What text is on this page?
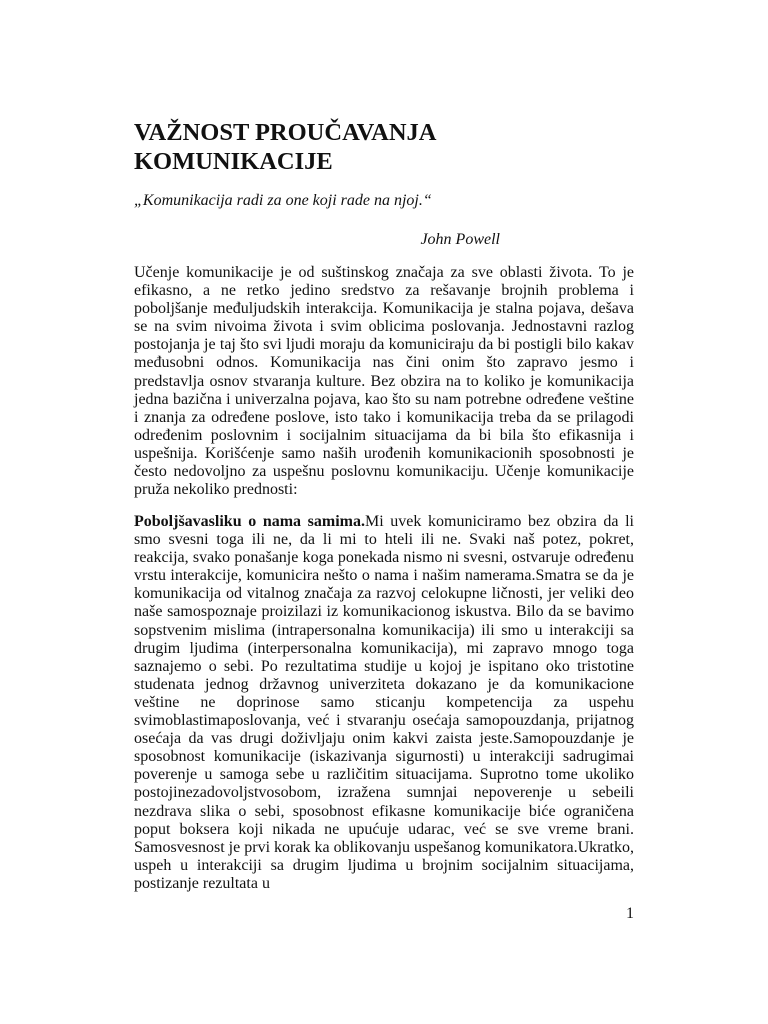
VAŽNOST PROUČAVANJA
KOMUNIKACIJE
„Komunikacija radi za one koji rade na njoj.“
John Powell

Učenje komunikacije je od suštinskog značaja za sve oblasti života. To je efikasno, a ne retko jedino sredstvo za rešavanje brojnih problema i poboljšanje međuljudskih interakcija. Komunikacija je stalna pojava, dešava se na svim nivoima života i svim oblicima poslovanja. Jednostavni razlog postojanja je taj što svi ljudi moraju da komuniciraju da bi postigli bilo kakav međusobni odnos. Komunikacija nas čini onim što zapravo jesmo i predstavlja osnov stvaranja kulture. Bez obzira na to koliko je komunikacija jedna bazična i univerzalna pojava, kao što su nam potrebne određene veštine i znanja za određene poslove, isto tako i komunikacija treba da se prilagodi određenim poslovnim i socijalnim situacijama da bi bila što efikasnija i uspešnija. Korišćenje samo naših urođenih komunikacionih sposobnosti je često nedovoljno za uspešnu poslovnu komunikaciju. Učenje komunikacije pruža nekoliko prednosti:

Poboljšavasliku o nama samima.Mi uvek komuniciramo bez obzira da li smo svesni toga ili ne, da li mi to hteli ili ne. Svaki naš potez, pokret, reakcija, svako ponašanje koga ponekada nismo ni svesni, ostvaruje određenu vrstu interakcije, komunicira nešto o nama i našim namerama.Smatra se da je komunikacija od vitalnog značaja za razvoj celokupne ličnosti, jer veliki deo naše samospoznaje proizilazi iz komunikacionog iskustva. Bilo da se bavimo sopstvenim mislima (intrapersonalna komunikacija) ili smo u interakciji sa drugim ljudima (interpersonalna komunikacija), mi zapravo mnogo toga saznajemo o sebi. Po rezultatima studije u kojoj je ispitano oko tristotine studenata jednog državnog univerziteta dokazano je da komunikacione veštine ne doprinose samo sticanju kompetencija za uspehu svimoblastimaposlovanja, već i stvaranju osećaja samopouzdanja, prijatnog osećaja da vas drugi doživljaju onim kakvi zaista jeste.Samopouzdanje je sposobnost komunikacije (iskazivanja sigurnosti) u interakciji sadrugimai poverenje u samoga sebe u različitim situacijama. Suprotno tome ukoliko postojinezadovoljstvosobom, izražena sumnjai nepoverenje u sebeili nezdrava slika o sebi, sposobnost efikasne komunikacije biće ograničena poput boksera koji nikada ne upućuje udarac, već se sve vreme brani. Samosvesnost je prvi korak ka oblikovanju uspešanog komunikatora.Ukratko, uspeh u interakciji sa drugim ljudima u brojnim socijalnim situacijama, postizanje rezultata u

1
